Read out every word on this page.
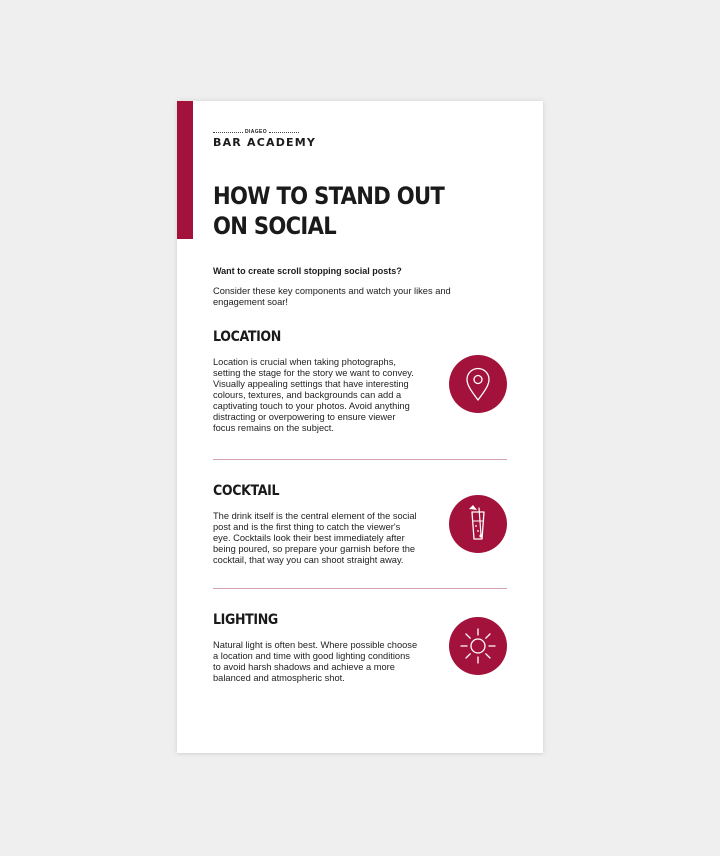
DIAGEO
BAR ACADEMY
HOW TO STAND OUT
ON SOCIAL
Want to create scroll stopping social posts?
Consider these key components and watch your likes and engagement soar!
LOCATION
Location is crucial when taking photographs,
setting the stage for the story we want to convey.
Visually appealing settings that have interesting
colours, textures, and backgrounds can add a
captivating touch to your photos. Avoid anything
distracting or overpowering to ensure viewer
focus remains on the subject.
COCKTAIL
The drink itself is the central element of the social
post and is the first thing to catch the viewer's
eye. Cocktails look their best immediately after
being poured, so prepare your garnish before the
cocktail, that way you can shoot straight away.
LIGHTING
Natural light is often best. Where possible choose
a location and time with good lighting conditions
to avoid harsh shadows and achieve a more
balanced and atmospheric shot.
